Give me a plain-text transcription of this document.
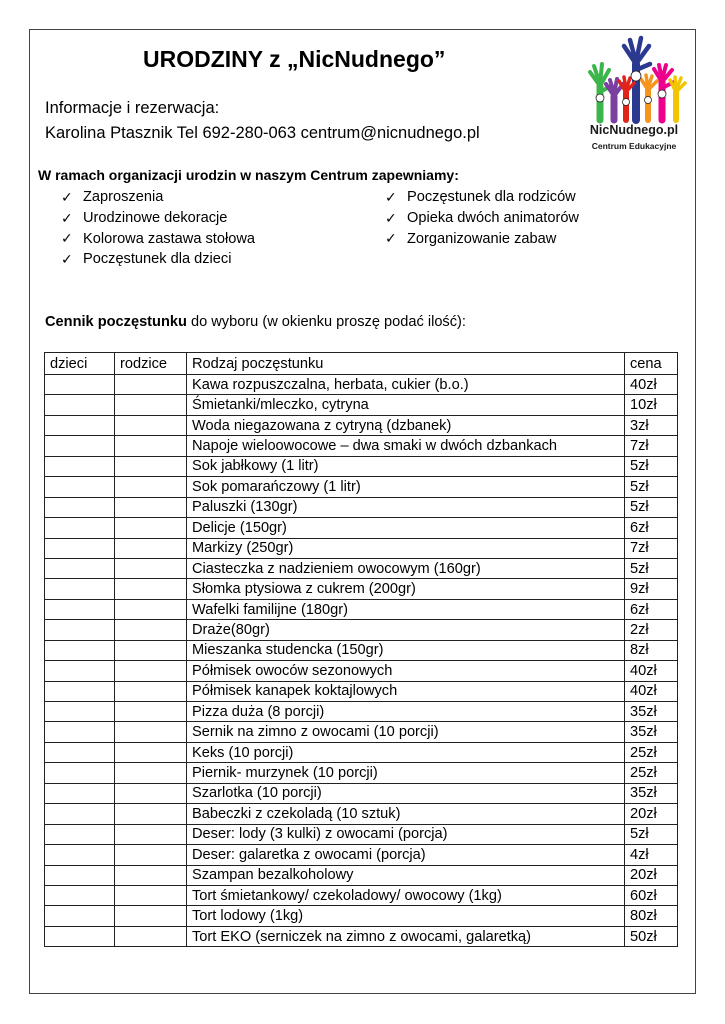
URODZINY z „NicNudnego”
Informacje i rezerwacja:
Karolina Ptasznik Tel 692-280-063 centrum@nicnudnego.pl	NicNudnego.pl
Centrum Edukacyjne
W ramach organizacji urodzin w naszym Centrum zapewniamy:
✓ Zaproszenia
✓ Urodzinowe dekoracje
✓ Kolorowa zastawa stołowa
✓ Poczęstunek dla dzieci
✓ Poczęstunek dla rodziców
✓ Opieka dwóch animatorów
✓ Zorganizowanie zabaw
Cennik poczęstunku do wyboru (w okienku proszę podać ilość):
dzieci	rodzice	Rodzaj poczęstunku	cena
		Kawa rozpuszczalna, herbata, cukier (b.o.)	40zł
		Śmietanki/mleczko, cytryna	10zł
		Woda niegazowana z cytryną (dzbanek)	3zł
		Napoje wieloowocowe – dwa smaki w dwóch dzbankach	7zł
		Sok jabłkowy (1 litr)	5zł
		Sok pomarańczowy (1 litr)	5zł
		Paluszki (130gr)	5zł
		Delicje (150gr)	6zł
		Markizy (250gr)	7zł
		Ciasteczka z nadzieniem owocowym (160gr)	5zł
		Słomka ptysiowa z cukrem (200gr)	9zł
		Wafelki familijne (180gr)	6zł
		Draże(80gr)	2zł
		Mieszanka studencka (150gr)	8zł
		Półmisek owoców sezonowych	40zł
		Półmisek kanapek koktajlowych	40zł
		Pizza duża (8 porcji)	35zł
		Sernik na zimno z owocami (10 porcji)	35zł
		Keks (10 porcji)	25zł
		Piernik- murzynek (10 porcji)	25zł
		Szarlotka (10 porcji)	35zł
		Babeczki z czekoladą (10 sztuk)	20zł
		Deser: lody (3 kulki) z owocami (porcja)	5zł
		Deser: galaretka z owocami (porcja)	4zł
		Szampan bezalkoholowy	20zł
		Tort śmietankowy/ czekoladowy/ owocowy (1kg)	60zł
		Tort lodowy (1kg)	80zł
		Tort EKO (serniczek na zimno z owocami, galaretką)	50zł
